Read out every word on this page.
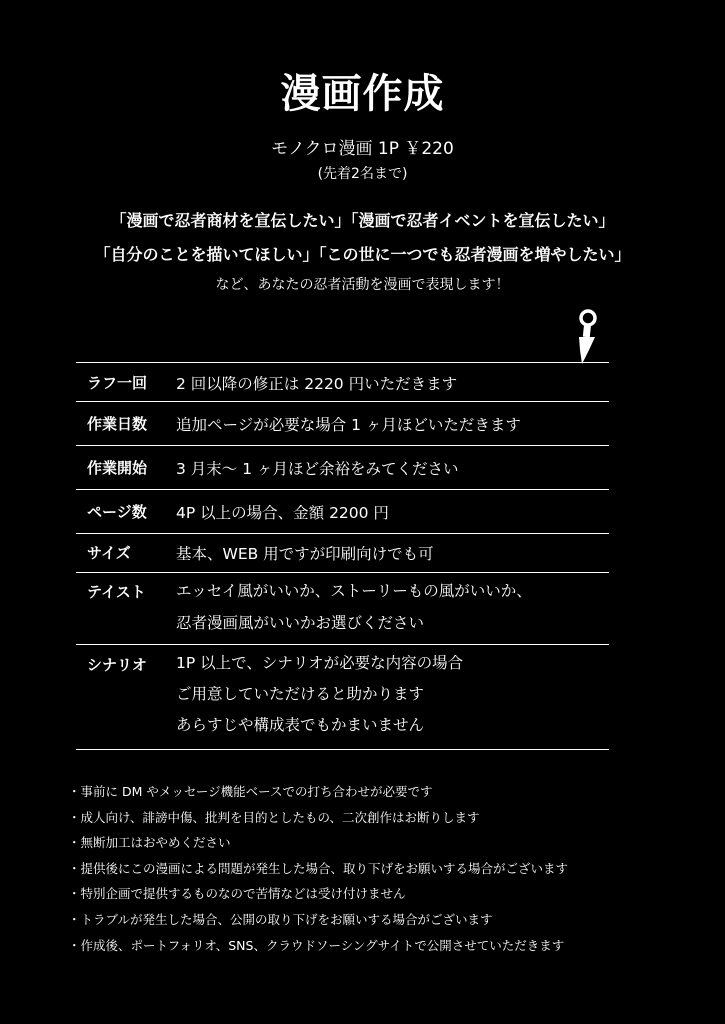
漫画作成
モノクロ漫画 1P ￥220
(先着2名まで)
「漫画で忍者商材を宣伝したい」「漫画で忍者イベントを宣伝したい」
「自分のことを描いてほしい」「この世に一つでも忍者漫画を増やしたい」
など、あなたの忍者活動を漫画で表現します！
ラフ一回	2 回以降の修正は 2220 円いただきます
作業日数	追加ページが必要な場合 1 ヶ月ほどいただきます
作業開始	3 月末〜 1 ヶ月ほど余裕をみてください
ページ数	4P 以上の場合、金額 2200 円
サイズ	基本、WEB 用ですが印刷向けでも可
テイスト	エッセイ風がいいか、ストーリーもの風がいいか、
忍者漫画風がいいかお選びください
シナリオ	1P 以上で、シナリオが必要な内容の場合
ご用意していただけると助かります
あらすじや構成表でもかまいません
・事前に DM やメッセージ機能ベースでの打ち合わせが必要です
・成人向け、誹謗中傷、批判を目的としたもの、二次創作はお断りします
・無断加工はおやめください
・提供後にこの漫画による問題が発生した場合、取り下げをお願いする場合がございます
・特別企画で提供するものなので苦情などは受け付けません
・トラブルが発生した場合、公開の取り下げをお願いする場合がございます
・作成後、ポートフォリオ、SNS、クラウドソーシングサイトで公開させていただきます
